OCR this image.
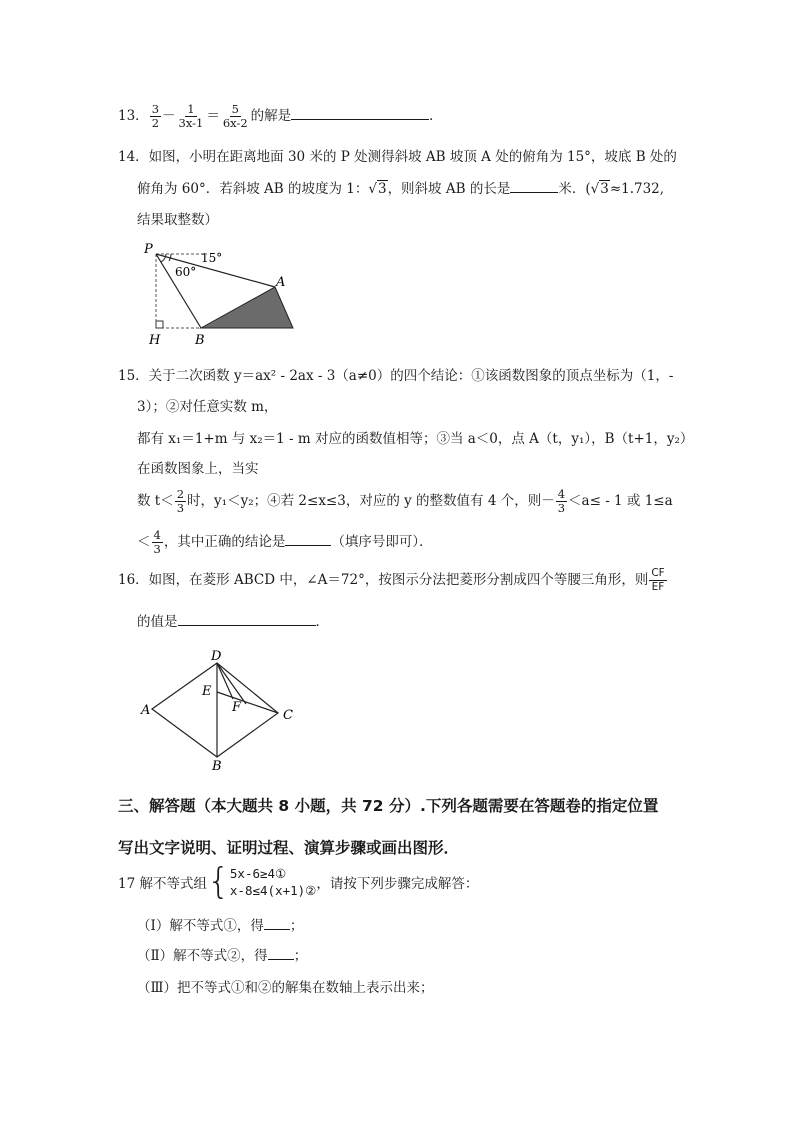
13． $\frac{3}{2} - \frac{1}{3x-1} = \frac{5}{6x-2}$ 的解是	．
14．如图，小明在距离地面 30 米的 P 处测得斜坡 AB 坡顶 A 处的俯角为 15°，坡底 B 处的
俯角为 60°．若斜坡 AB 的坡度为 1：√3，则斜坡 AB 的长是	米．(√3≈1.732,
结果取整数）
P
H	B
A
15°
60°
15．关于二次函数 y＝ax² - 2ax - 3（a≠0）的四个结论：①该函数图象的顶点坐标为（1，-
3）；②对任意实数 m，
都有 x₁＝1+m 与 x₂＝1 - m 对应的函数值相等；③当 a＜0，点 A（t，y₁），B（t+1，y₂）
在函数图象上，当实
数 $t< \frac{2}{3}$ 时，y₁＜y₂；④若 2≤x≤3，对应的 y 的整数值有 4 个，则－ $\frac{4}{3} <a\le - 1$ 或 1≤a
＜ $\frac{4}{3}$ ，其中正确的结论是	（填序号即可）．
16．如图，在菱形 ABCD 中，∠A＝72°，按图示分法把菱形分割成四个等腰三角形，则 $\frac{CF}{EF}$
的值是	．
A
D
C
B
E
F
三、解答题（本大题共 8 小题，共 72 分）.下列各题需要在答题卷的指定位置
写出文字说明、证明过程、演算步骤或画出图形．
17 解不等式组 { 5x-6≥4①
x-8≤4(x+1)② ，请按下列步骤完成解答：
（Ⅰ）解不等式①，得 ；
（Ⅱ）解不等式②，得 ；
（Ⅲ）把不等式①和②的解集在数轴上表示出来；
